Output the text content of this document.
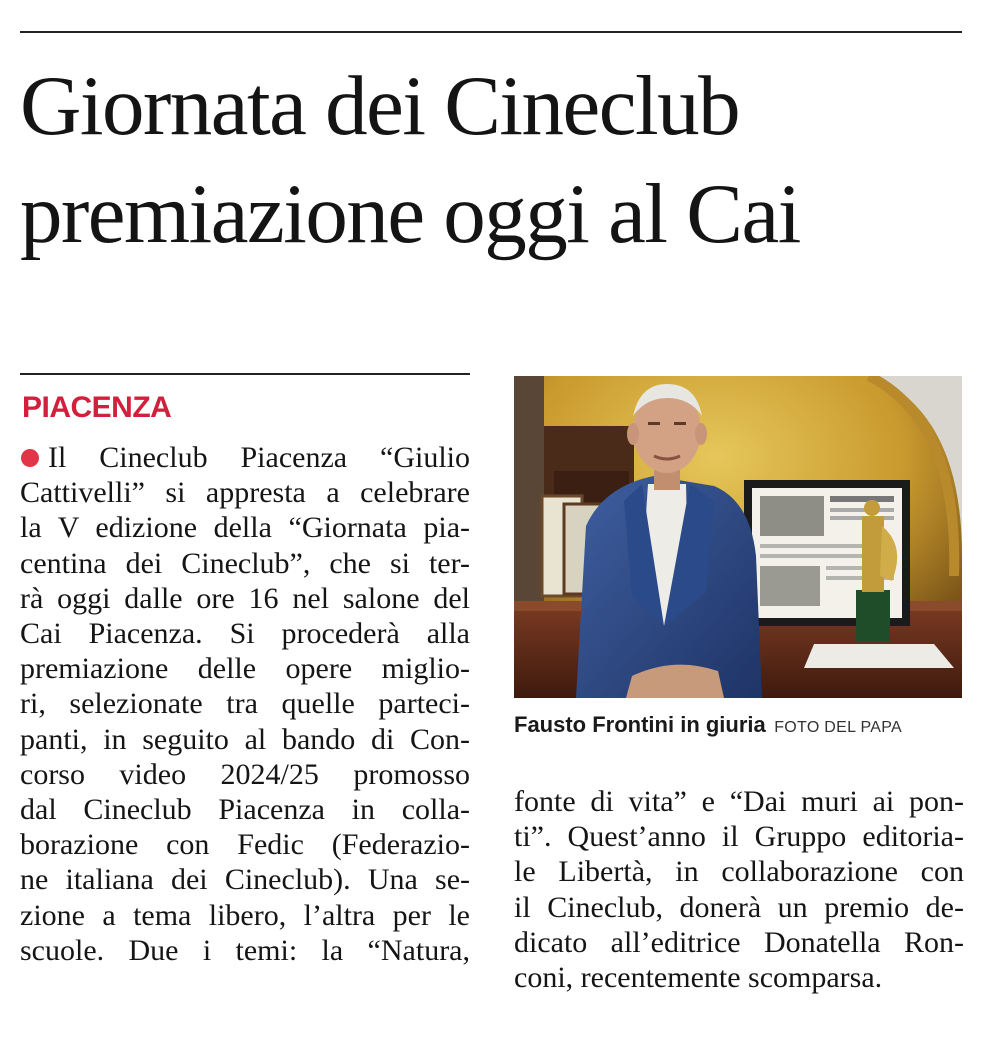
Giornata dei Cineclub
premiazione oggi al Cai
PIACENZA
Il Cineclub Piacenza “Giulio
Cattivelli” si appresta a celebrare
la V edizione della “Giornata pia-
centina dei Cineclub”, che si ter-
rà oggi dalle ore 16 nel salone del
Cai Piacenza. Si procederà alla
premiazione delle opere miglio-
ri, selezionate tra quelle parteci-
panti, in seguito al bando di Con-
corso video 2024/25 promosso
dal Cineclub Piacenza in colla-
borazione con Fedic (Federazio-
ne italiana dei Cineclub). Una se-
zione a tema libero, l’altra per le
scuole. Due i temi: la “Natura,
Fausto Frontini in giuria FOTO DEL PAPA
fonte di vita” e “Dai muri ai pon-
ti”. Quest’anno il Gruppo editoria-
le Libertà, in collaborazione con
il Cineclub, donerà un premio de-
dicato all’editrice Donatella Ron-
coni, recentemente scomparsa.
